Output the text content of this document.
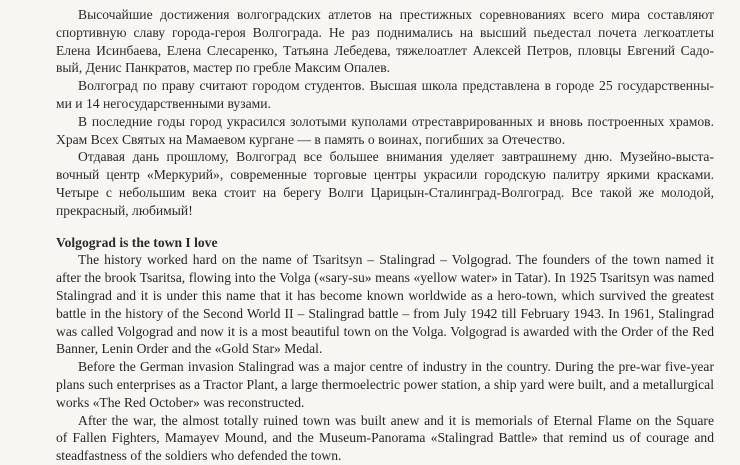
Высочайшие достижения волгоградских атлетов на престижных соревнованиях всего мира составляют
спортивную славу города-героя Волгограда. Не раз поднимались на высший пьедестал почета легкоатлеты
Елена Исинбаева, Елена Слесаренко, Татьяна Лебедева, тяжелоатлет Алексей Петров, пловцы Евгений Садо-
вый, Денис Панкратов, мастер по гребле Максим Опалев.
Волгоград по праву считают городом студентов. Высшая школа представлена в городе 25 государственны-
ми и 14 негосударственными вузами.
В последние годы город украсился золотыми куполами отреставрированных и вновь построенных храмов.
Храм Всех Святых на Мамаевом кургане — в память о воинах, погибших за Отечество.
Отдавая дань прошлому, Волгоград все большее внимания уделяет завтрашнему дню. Музейно-выста-
вочный центр «Меркурий», современные торговые центры украсили городскую палитру яркими красками.
Четыре с небольшим века стоит на берегу Волги Царицын-Сталинград-Волгоград. Все такой же молодой,
прекрасный, любимый!
Volgograd is the town I love
The history worked hard on the name of Tsaritsyn – Stalingrad – Volgograd. The founders of the town named it
after the brook Tsaritsa, flowing into the Volga («sary-su» means «yellow water» in Tatar). In 1925 Tsaritsyn was named
Stalingrad and it is under this name that it has become known worldwide as a hero-town, which survived the greatest
battle in the history of the Second World II – Stalingrad battle – from July 1942 till February 1943. In 1961, Stalingrad
was called Volgograd and now it is a most beautiful town on the Volga. Volgograd is awarded with the Order of the Red
Banner, Lenin Order and the «Gold Star» Medal.
Before the German invasion Stalingrad was a major centre of industry in the country. During the pre-war five-year
plans such enterprises as a Tractor Plant, a large thermoelectric power station, a ship yard were built, and a metallurgical
works «The Red October» was reconstructed.
After the war, the almost totally ruined town was built anew and it is memorials of Eternal Flame on the Square
of Fallen Fighters, Mamayev Mound, and the Museum-Panorama «Stalingrad Battle» that remind us of courage and
steadfastness of the soldiers who defended the town.
